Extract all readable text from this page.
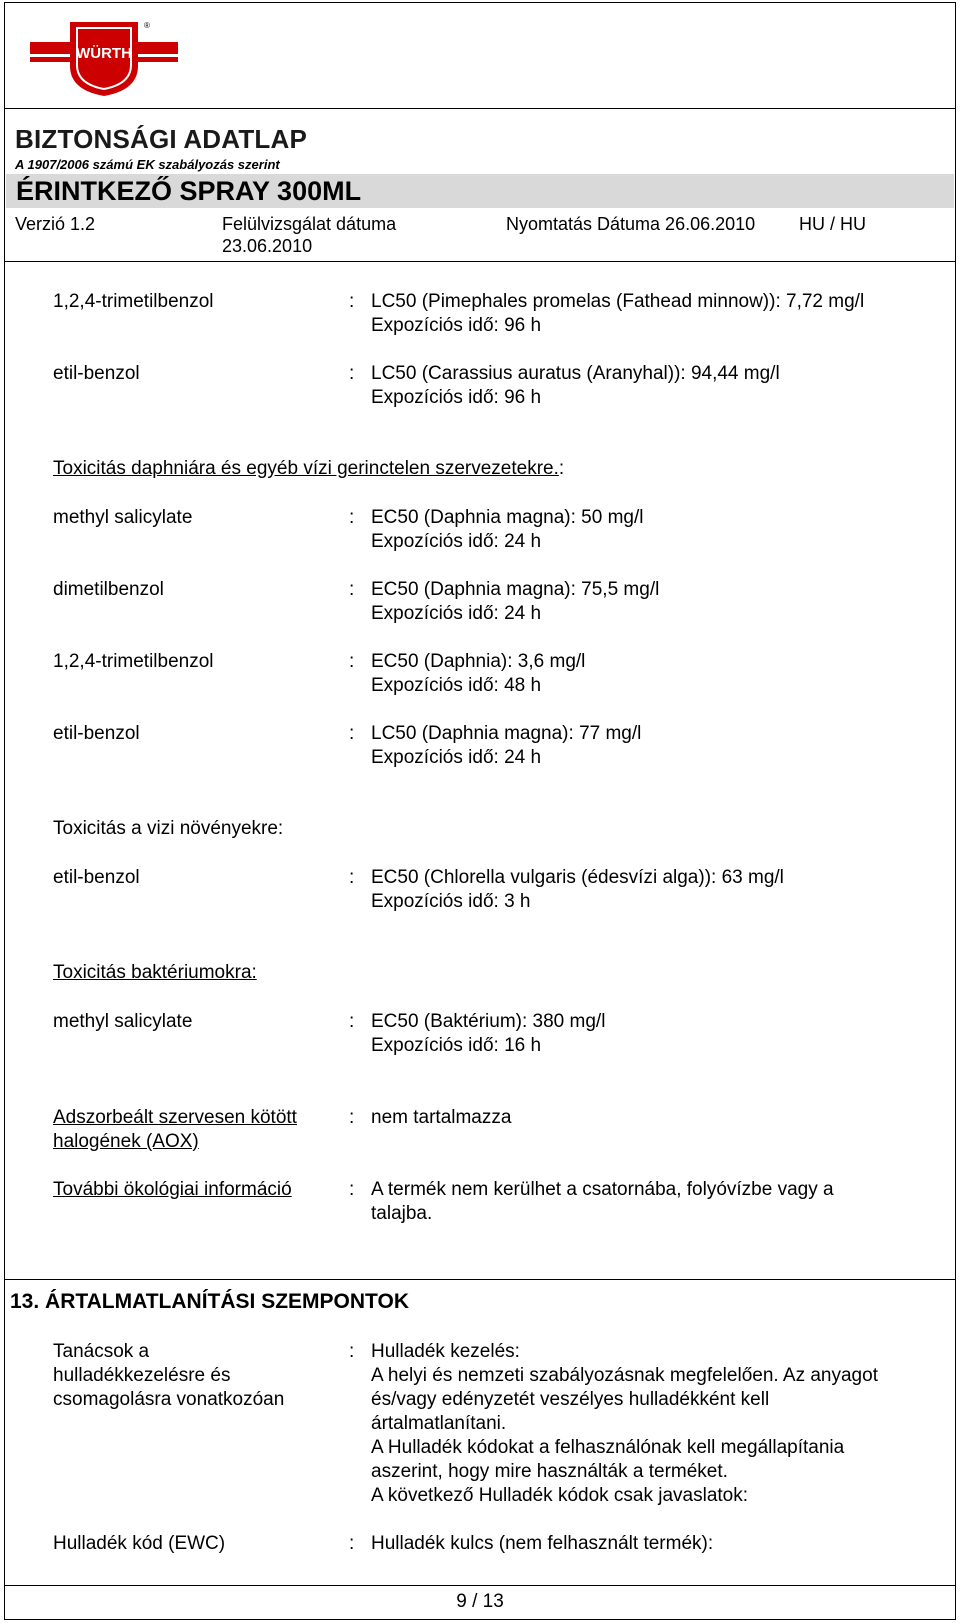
WÜRTH
®
BIZTONSÁGI ADATLAP
A 1907/2006 számú EK szabályozás szerint
ÉRINTKEZŐ SPRAY 300ML
Verzió 1.2	Felülvizsgálat dátuma
23.06.2010
Nyomtatás Dátuma 26.06.2010 HU / HU
1,2,4-trimetilbenzol	: LC50 (Pimephales promelas (Fathead minnow)): 7,72 mg/l
Expozíciós idő: 96 h
etil-benzol	: LC50 (Carassius auratus (Aranyhal)): 94,44 mg/l
Expozíciós idő: 96 h
Toxicitás daphniára és egyéb vízi gerinctelen szervezetekre.:
methyl salicylate	: EC50 (Daphnia magna): 50 mg/l
Expozíciós idő: 24 h
dimetilbenzol	: EC50 (Daphnia magna): 75,5 mg/l
Expozíciós idő: 24 h
1,2,4-trimetilbenzol	: EC50 (Daphnia): 3,6 mg/l
Expozíciós idő: 48 h
etil-benzol	: LC50 (Daphnia magna): 77 mg/l
Expozíciós idő: 24 h
Toxicitás a vizi növényekre:
etil-benzol	: EC50 (Chlorella vulgaris (édesvízi alga)): 63 mg/l
Expozíciós idő: 3 h
Toxicitás baktériumokra:
methyl salicylate	: EC50 (Baktérium): 380 mg/l
Expozíciós idő: 16 h
Adszorbeált szervesen kötött
halogének (AOX)
: nem tartalmazza
További ökológiai információ	: A termék nem kerülhet a csatornába, folyóvízbe vagy a
talajba.
13. ÁRTALMATLANÍTÁSI SZEMPONTOK
Tanácsok a
hulladékkezelésre és
csomagolásra vonatkozóan
: Hulladék kezelés:
A helyi és nemzeti szabályozásnak megfelelően. Az anyagot
és/vagy edényzetét veszélyes hulladékként kell
ártalmatlanítani.
A Hulladék kódokat a felhasználónak kell megállapítania
aszerint, hogy mire használták a terméket.
A következő Hulladék kódok csak javaslatok:
Hulladék kód (EWC)	: Hulladék kulcs (nem felhasznált termék):
9 / 13
